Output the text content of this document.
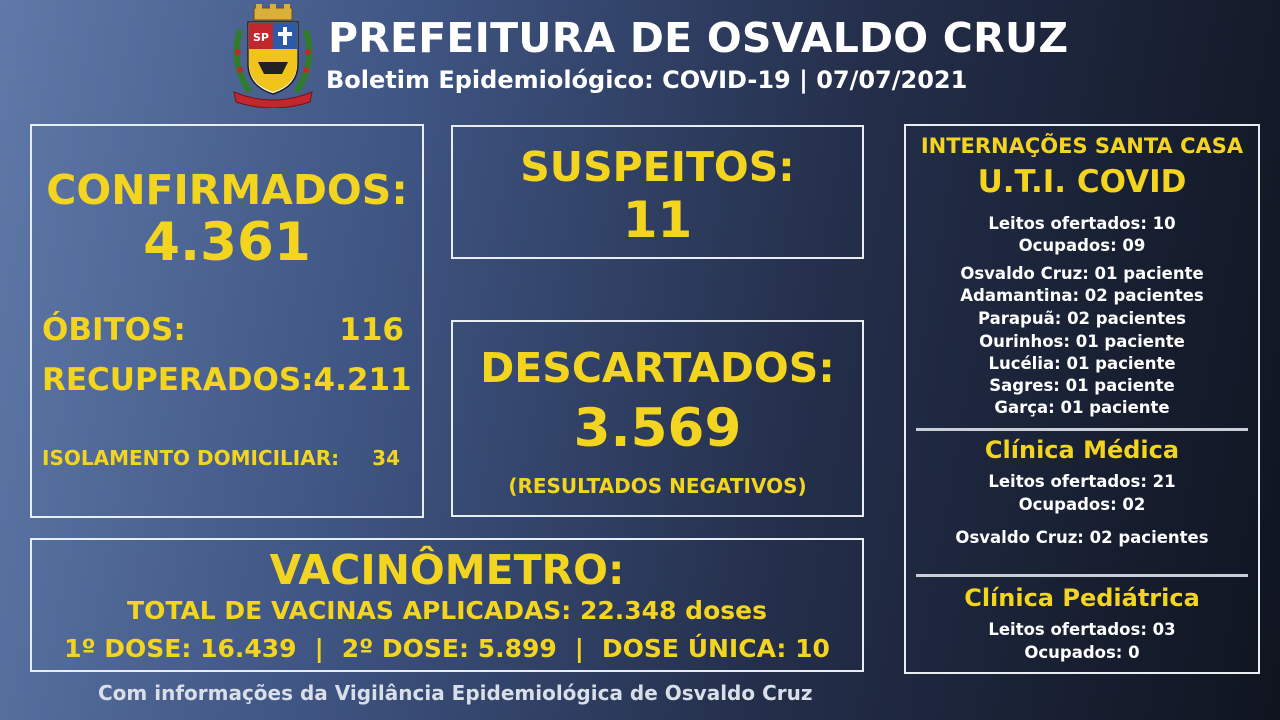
SP PREFEITURA DE OSVALDO CRUZ
Boletim Epidemiológico: COVID-19 | 07/07/2021
CONFIRMADOS:
4.361
ÓBITOS:	116
RECUPERADOS: 4.211
ISOLAMENTO DOMICILIAR: 34
SUSPEITOS:
11
DESCARTADOS:
3.569
(RESULTADOS NEGATIVOS)
VACINÔMETRO:
TOTAL DE VACINAS APLICADAS: 22.348 doses
1º DOSE: 16.439 | 2º DOSE: 5.899 | DOSE ÚNICA: 10
INTERNAÇÕES SANTA CASA
U.T.I. COVID
Leitos ofertados: 10
Ocupados: 09
Osvaldo Cruz: 01 paciente
Adamantina: 02 pacientes
Parapuã: 02 pacientes
Ourinhos: 01 paciente
Lucélia: 01 paciente
Sagres: 01 paciente
Garça: 01 paciente
Clínica Médica
Leitos ofertados: 21
Ocupados: 02
Osvaldo Cruz: 02 pacientes
Clínica Pediátrica
Leitos ofertados: 03
Ocupados: 0
Com informações da Vigilância Epidemiológica de Osvaldo Cruz
